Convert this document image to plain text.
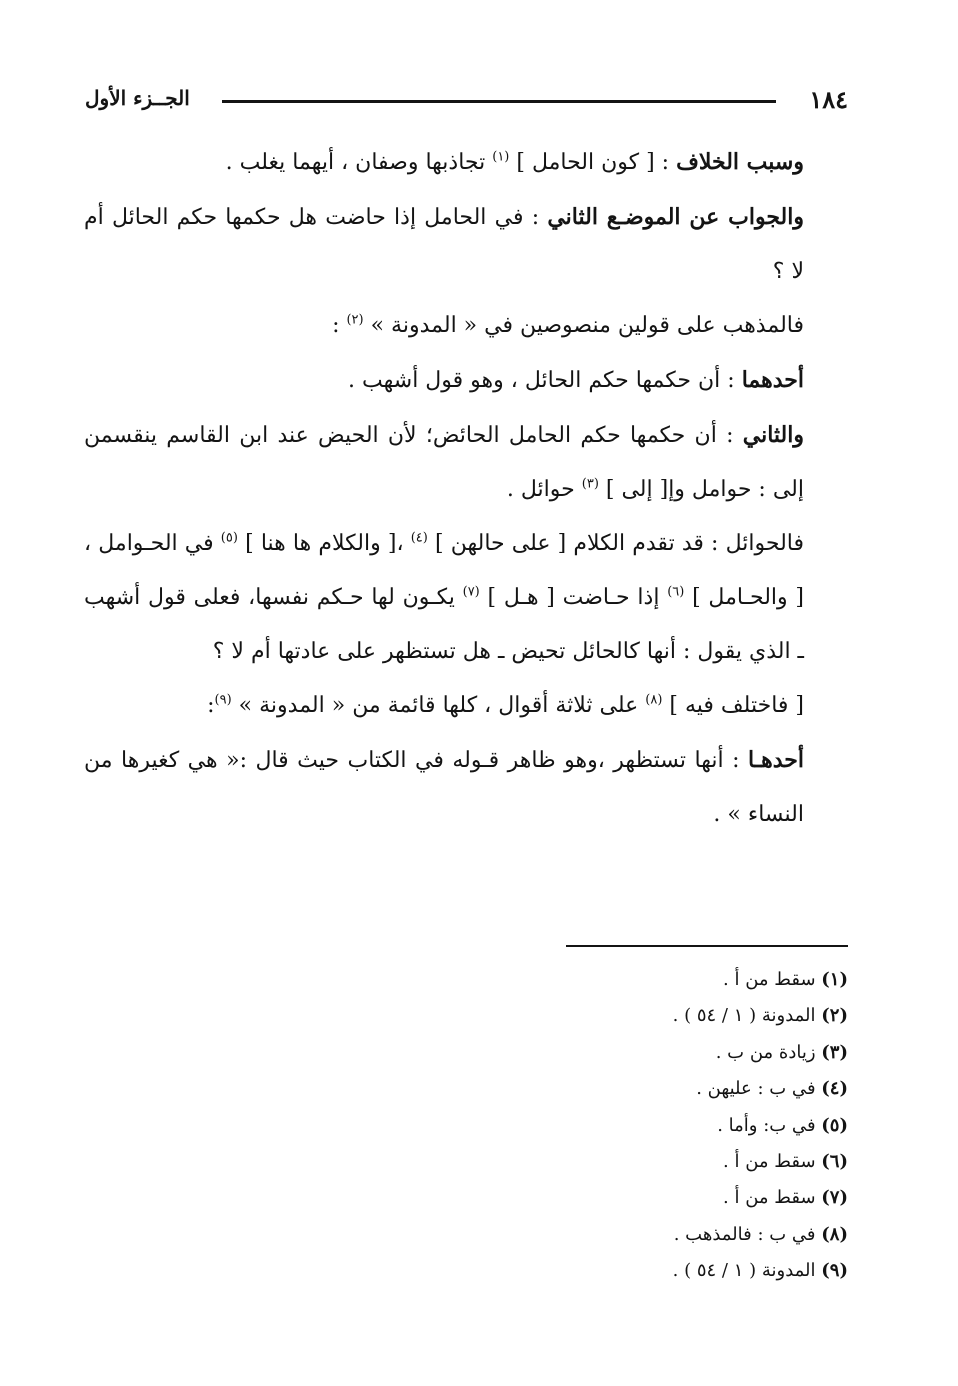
١٨٤
الجــزء الأول

وسبب الخلاف : [ كون الحامل ] $^{(١)}$ تجاذبها وصفان ، أيهما يغلب .

والجواب عن الموضـع الثاني : في الحامل إذا حاضت هل حكمها حكم الحائل أم لا ؟

فالمذهب على قولين منصوصين في « المدونة » $^{(٢)}$ :

أحدهما : أن حكمها حكم الحائل ، وهو قول أشهب .

والثاني : أن حكمها حكم الحامل الحائض؛ لأن الحيض عند ابن القاسم ينقسمن إلى : حوامل وإ[ إلى ] $^{(٣)}$ حوائل .

فالحوائل : قد تقدم الكلام [ على حالهن ] $^{(٤)}$ ،[ والكلام ها هنا ] $^{(٥)}$ في الحـوامل ،[ والحـامل ] $^{(٦)}$ إذا حـاضت [ هـل ] $^{(٧)}$ يكـون لها حـكم نفسها، فعلى قول أشهب ـ الذي يقول : أنها كالحائل تحيض ـ هل تستظهر على عادتها أم لا ؟

[ فاختلف فيه ] $^{(٨)}$ على ثلاثة أقوال ، كلها قائمة من « المدونة » $^{(٩)}$:

أحدهـا : أنها تستظهر ،وهو ظاهر قـوله في الكتاب حيث قال :« هي كغيرها من النساء » .

(١) سقط من أ .
(٢) المدونة ( ١ / ٥٤ ) .
(٣) زيادة من ب .
(٤) في ب : عليهن .
(٥) في ب: وأما .
(٦) سقط من أ .
(٧) سقط من أ .
(٨) في ب : فالمذهب .
(٩) المدونة ( ١ / ٥٤ ) .
